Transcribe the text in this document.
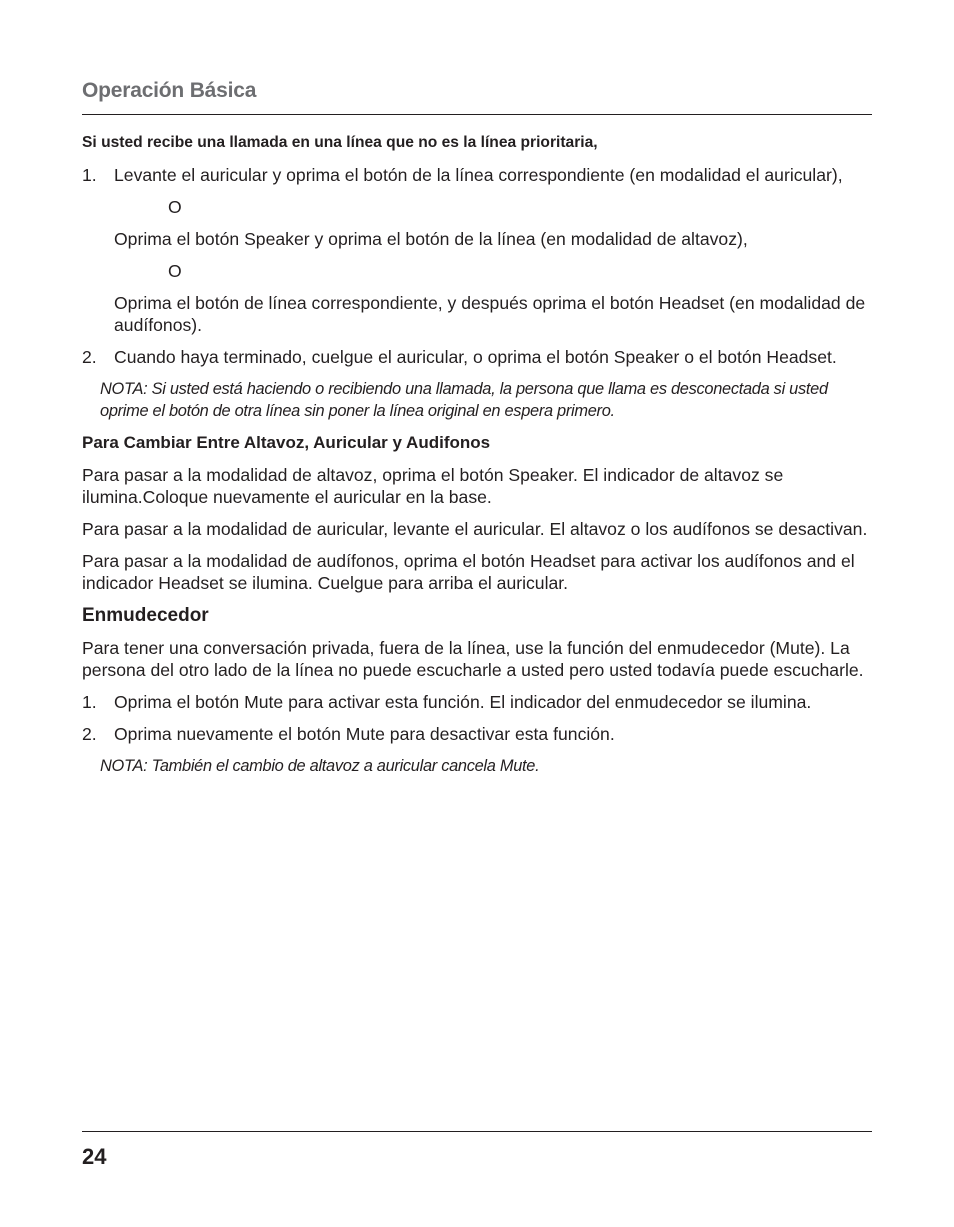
Operación Básica

Si usted recibe una llamada en una línea que no es la línea prioritaria,

1. Levante el auricular y oprima el botón de la línea correspondiente (en modalidad el auricular),
O
Oprima el botón Speaker y oprima el botón de la línea (en modalidad de altavoz),
O
Oprima el botón de línea correspondiente, y después oprima el botón Headset (en modalidad de audífonos).
2. Cuando haya terminado, cuelgue el auricular, o oprima el botón Speaker o el botón Headset.
NOTA: Si usted está haciendo o recibiendo una llamada, la persona que llama es desconectada si usted oprime el botón de otra línea sin poner la línea original en espera primero.
Para Cambiar Entre Altavoz, Auricular y Audifonos
Para pasar a la modalidad de altavoz, oprima el botón Speaker. El indicador de altavoz se ilumina.Coloque nuevamente el auricular en la base.
Para pasar a la modalidad de auricular, levante el auricular. El altavoz o los audífonos se desactivan.
Para pasar a la modalidad de audífonos, oprima el botón Headset para activar los audífonos and el indicador Headset se ilumina. Cuelgue para arriba el auricular.
Enmudecedor
Para tener una conversación privada, fuera de la línea, use la función del enmudecedor (Mute). La persona del otro lado de la línea no puede escucharle a usted pero usted todavía puede escucharle.
1. Oprima el botón Mute para activar esta función. El indicador del enmudecedor se ilumina.
2. Oprima nuevamente el botón Mute para desactivar esta función.
NOTA: También el cambio de altavoz a auricular cancela Mute.
24
